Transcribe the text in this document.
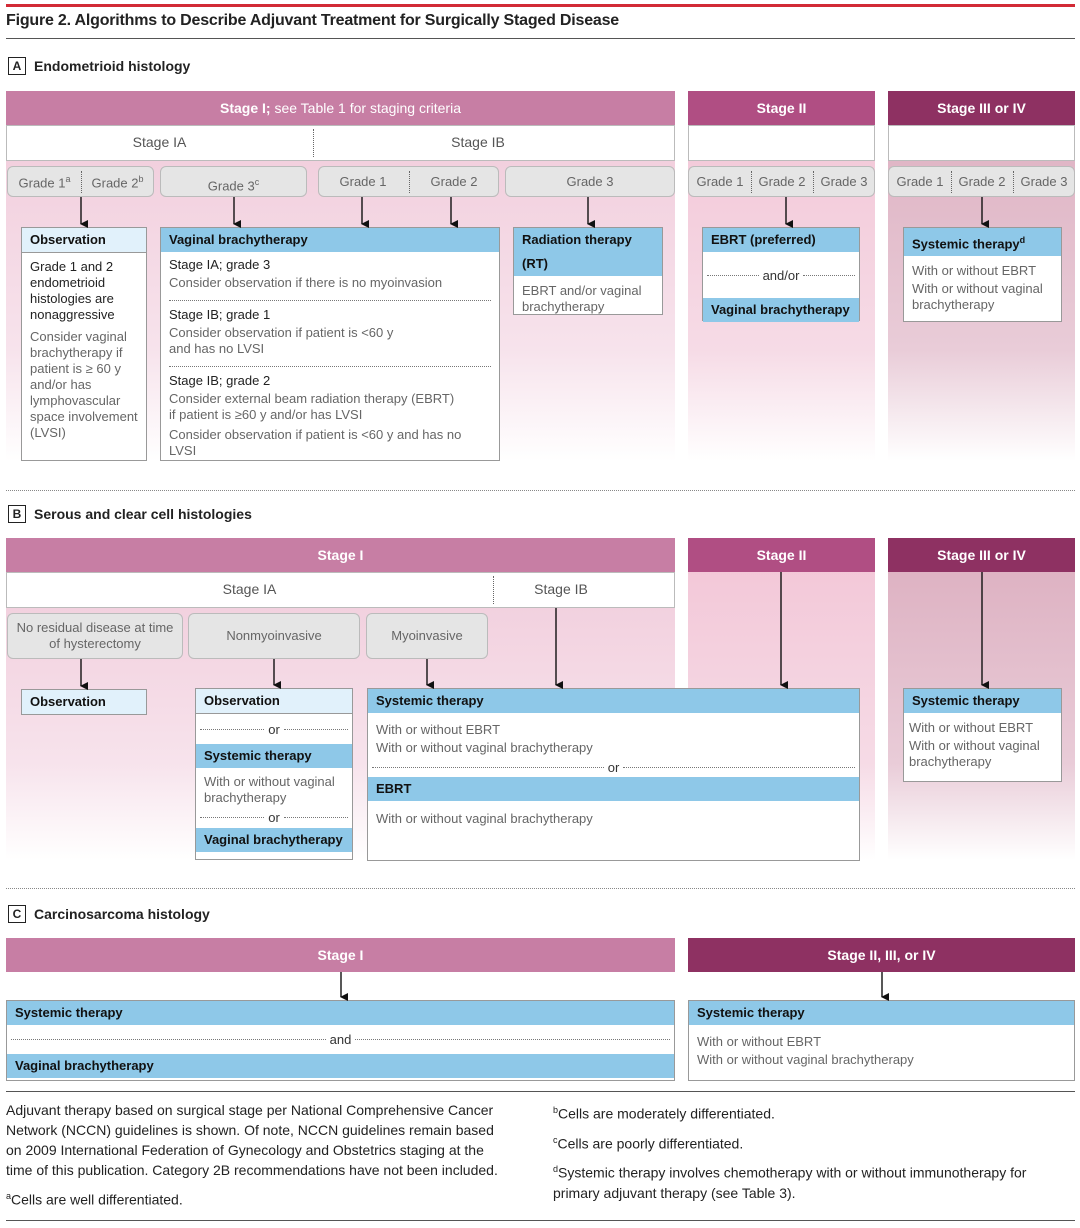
Figure 2. Algorithms to Describe Adjuvant Treatment for Surgically Staged Disease
A Endometrioid histology
Stage I; see Table 1 for staging criteria	Stage II	Stage III or IV
Stage IA	Stage IB
Grade 1$^a$	Grade 2$^b$	Grade 3$^c$	Grade 1	Grade 2	Grade 3	Grade 1	Grade 2	Grade 3	Grade 1	Grade 2	Grade 3
Observation
Grade 1 and 2
endometrioid
histologies are
nonaggressive
Consider vaginal
brachytherapy if
patient is ≥ 60 y
and/or has
lymphovascular
space involvement
(LVSI)
Vaginal brachytherapy
Stage IA; grade 3
Consider observation if there is no myoinvasion
Stage IB; grade 1
Consider observation if patient is <60 y
and has no LVSI
Stage IB; grade 2
Consider external beam radiation therapy (EBRT)
if patient is ≥60 y and/or has LVSI
Consider observation if patient is <60 y and has no LVSI
Radiation therapy (RT)
EBRT and/or vaginal
brachytherapy
EBRT (preferred)
and/or
Vaginal brachytherapy
Systemic therapy$^d$
With or without EBRT
With or without vaginal
brachytherapy
B Serous and clear cell histologies
Stage I	Stage II	Stage III or IV
Stage IA	Stage IB
No residual disease at time
of hysterectomy
Nonmyoinvasive	Myoinvasive
Observation	Observation
or
Systemic therapy
With or without vaginal
brachytherapy
or
Vaginal brachytherapy
Systemic therapy
With or without EBRT
With or without vaginal brachytherapy
or
EBRT
With or without vaginal brachytherapy
Systemic therapy
With or without EBRT
With or without vaginal
brachytherapy
C Carcinosarcoma histology
Stage I	Stage II, III, or IV
Systemic therapy
and
Vaginal brachytherapy
Systemic therapy
With or without EBRT
With or without vaginal brachytherapy
Adjuvant therapy based on surgical stage per National Comprehensive Cancer
Network (NCCN) guidelines is shown. Of note, NCCN guidelines remain based
on 2009 International Federation of Gynecology and Obstetrics staging at the
time of this publication. Category 2B recommendations have not been included.
$^a$Cells are well differentiated.
$^b$Cells are moderately differentiated.
$^c$Cells are poorly differentiated.
$^d$Systemic therapy involves chemotherapy with or without immunotherapy for
primary adjuvant therapy (see Table 3).
